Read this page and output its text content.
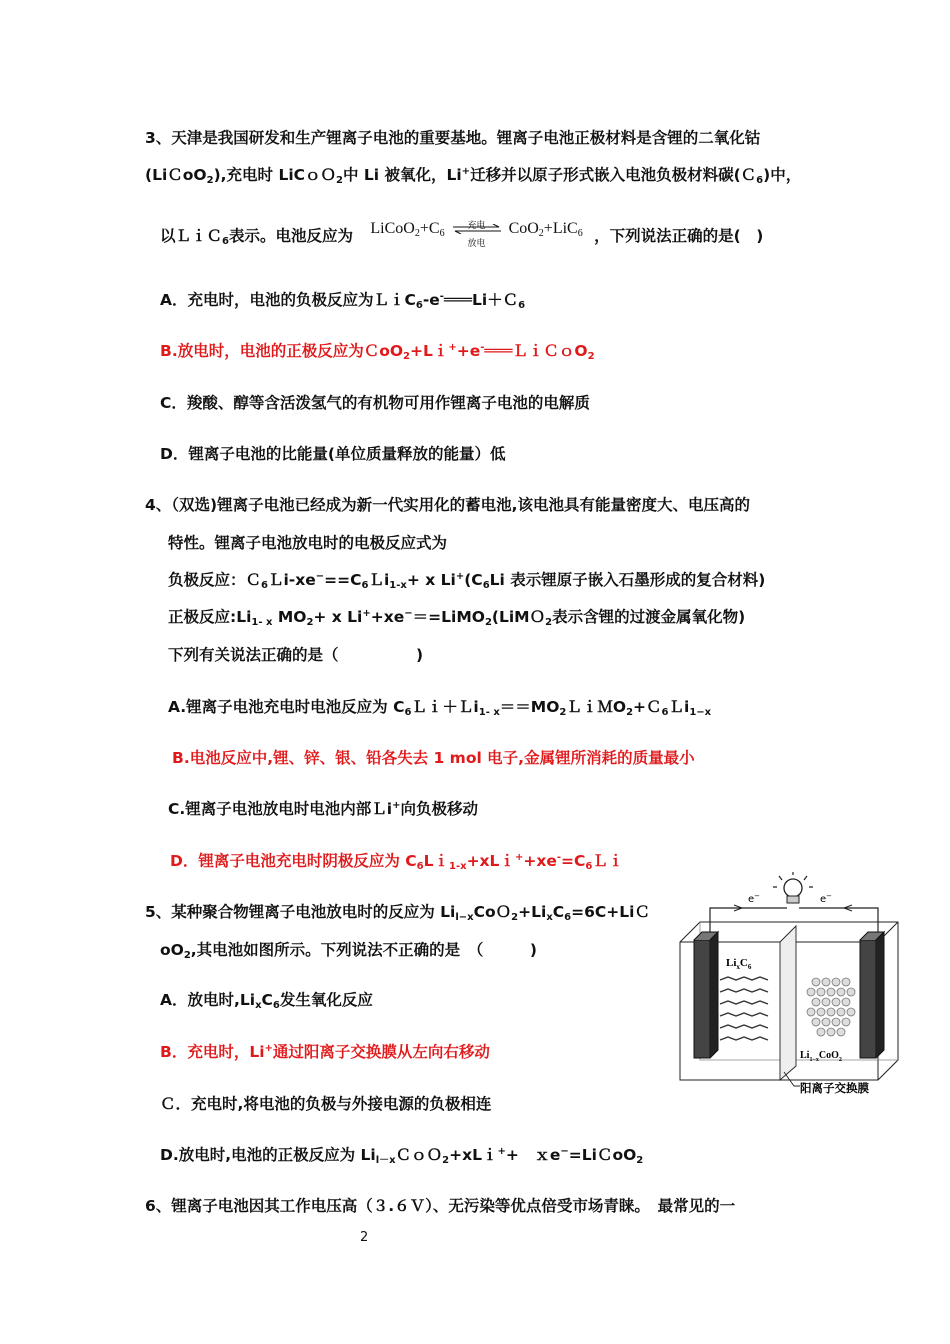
3、天津是我国研发和生产锂离子电池的重要基地。锂离子电池正极材料是含锂的二氧化钴
(LiＣoO$_2$),充电时 LiCｏＯ$_2$中 Li 被氧化，Li+迁移并以原子形式嵌入电池负极材料碳(Ｃ$_6$)中，
以ＬｉＣ$_6$表示。电池反应为 $LiCoO_2+C_6$
充电
放电
CoO$_2$+LiC$_6$ ，下列说法正确的是(　)
A．充电时，电池的负极反应为ＬｉC$_6$-e-═══Li＋Ｃ$_6$
B.放电时，电池的正极反应为ＣoO$_2$+Lｉ++e-═══ＬｉＣｏO$_2$
C．羧酸、醇等含活泼氢气的有机物可用作锂离子电池的电解质
D．锂离子电池的比能量(单位质量释放的能量）低
4、（双选)锂离子电池已经成为新一代实用化的蓄电池,该电池具有能量密度大、电压高的
特性。锂离子电池放电时的电极反应式为
负极反应：$C_6Li-xe^-==C_6Li_{1-x}+ x$ $Li^+(C_6Li$ 表示锂原子嵌入石墨形成的复合材料)
正极反应$:Li_{1- x}$ $MO_2+ x$ Li++xe−＝=LiMO$_2$(LiMＯ$_2$表示含锂的过渡金属氧化物)
下列有关说法正确的是（　　　　　)
A.锂离子电池充电时电池反应为 $C_6Li+Li_{1- x}==MO_2LiMO_2+C_6Li_{1-x}$
B.电池反应中,锂、锌、银、铅各失去 1 mol 电子,金属锂所消耗的质量最小
C.锂离子电池放电时电池内部Ｌi+向负极移动
D．锂离子电池充电时阴极反应为 $C_6Li_{1-x}+xLi^++xe^-=C_6Li$
5、某种聚合物锂离子电池放电时的反应为 $Li_{l-x}CoO_2+Li_xC_6=6C+LiC$
$oO_2$,其电池如图所示。下列说法不正确的是　（　　　)
A．放电时$,Li_xC_6$发生氧化反应
B．充电时，Li+通过阳离子交换膜从左向右移动
Ｃ．充电时,将电池的负极与外接电源的负极相连
D.放电时,电池的正极反应为 $Li_{l-x}CoO_2+xLi^++$　ｘe−=LiＣoO$_2$
e−	e−
$Li_xC_6$
$Li_{1-x}CoO_2$
阳离子交换膜
6、锂离子电池因其工作电压高（３.６Ｖ）、无污染等优点倍受市场青睐。　最常见的一
2
